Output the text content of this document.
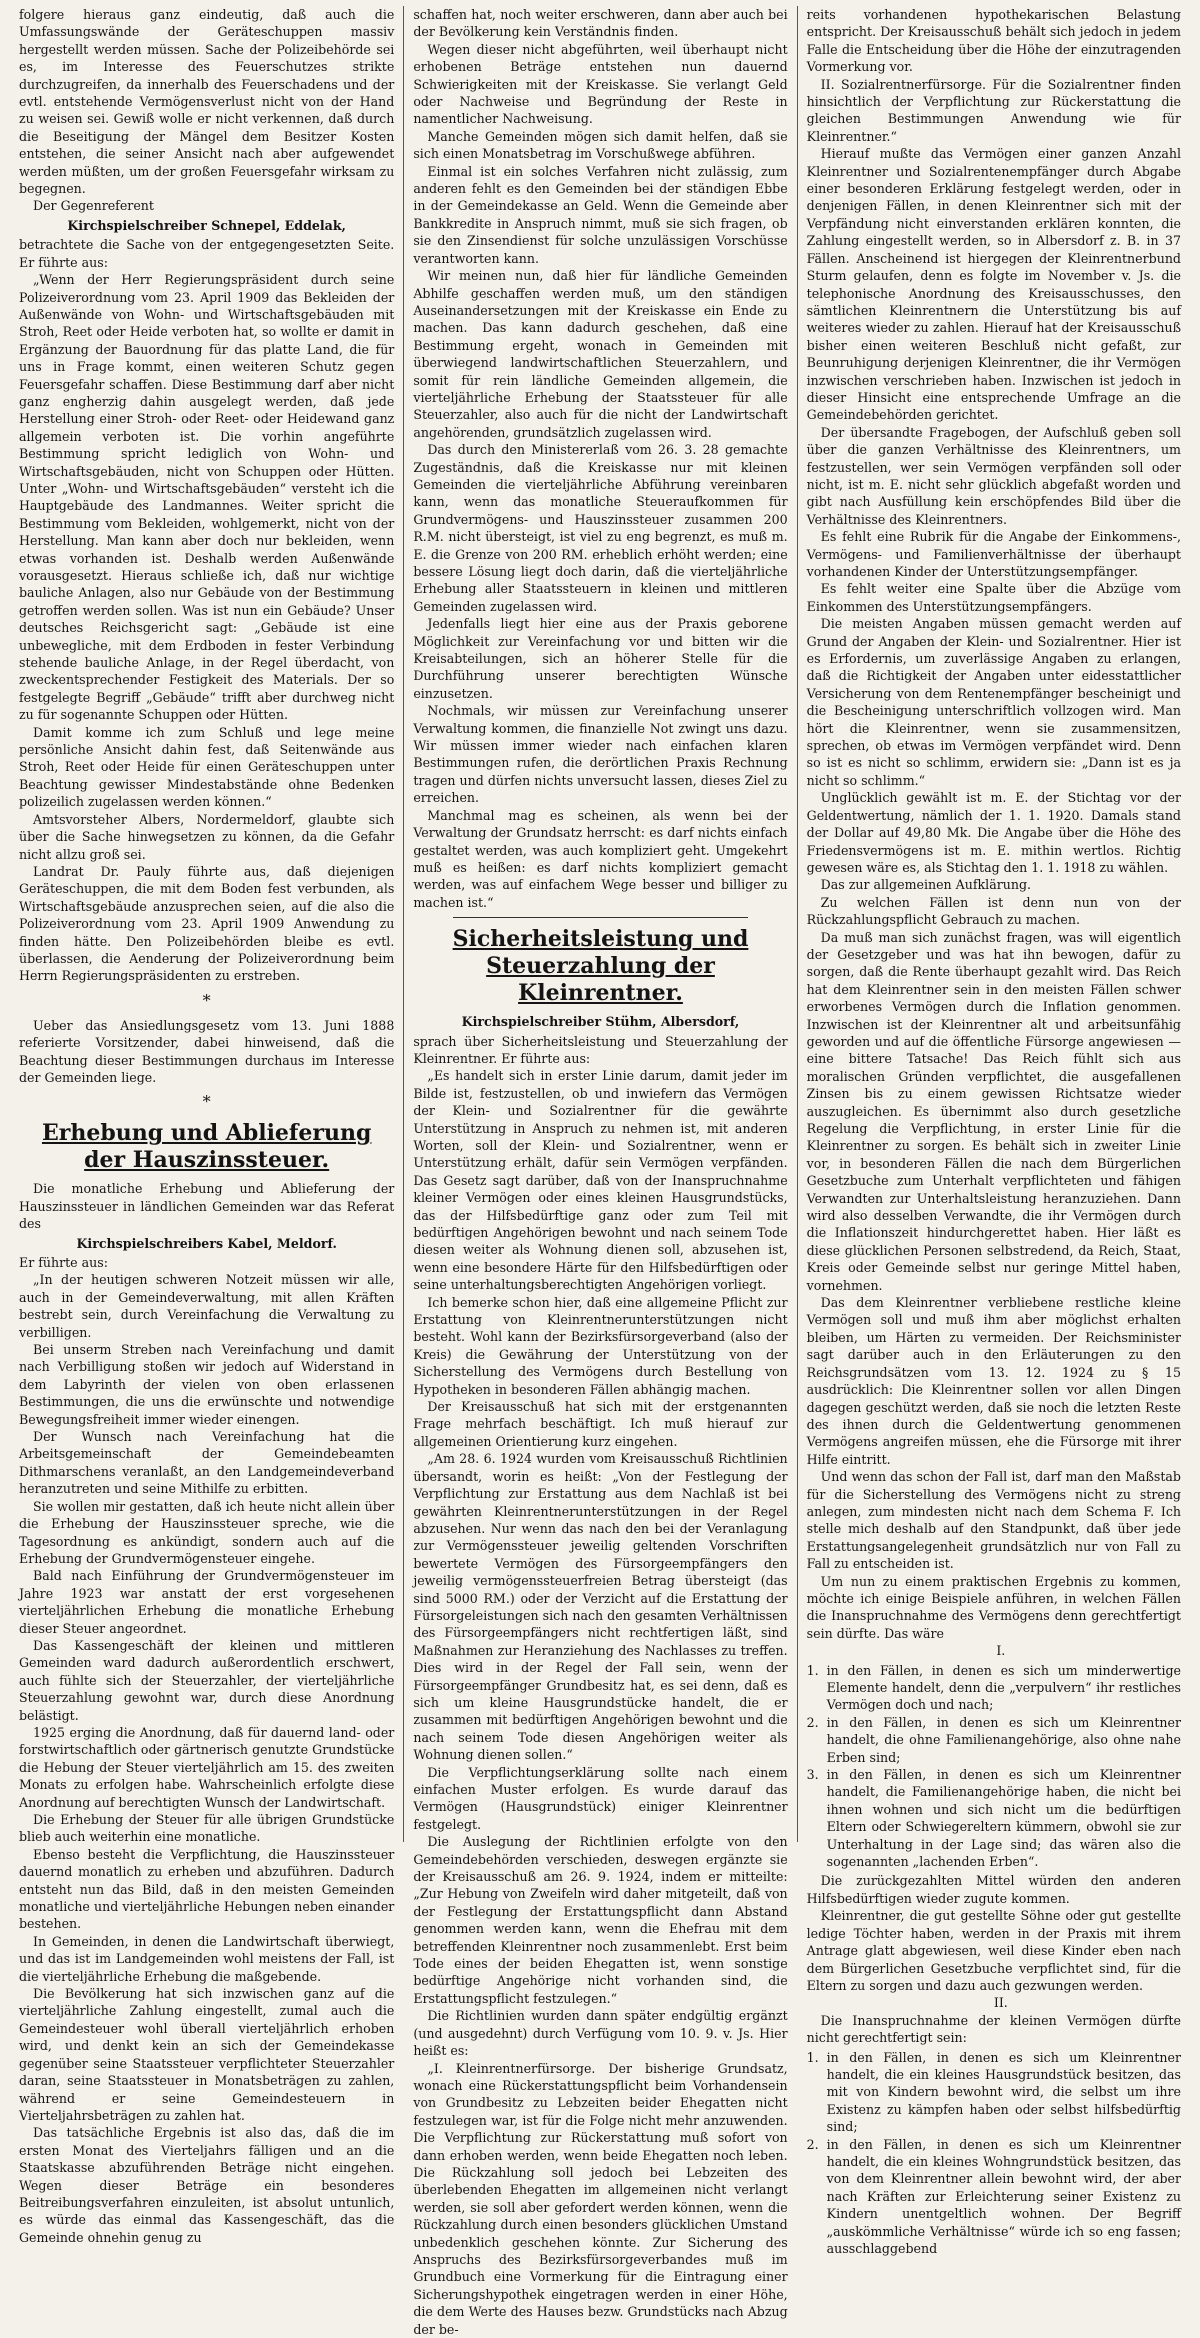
folgere hieraus ganz eindeutig, daß auch die Umfassungswände der Geräteschuppen massiv hergestellt werden müssen. Sache der Polizeibehörde sei es, im Interesse des Feuerschutzes strikte durchzugreifen, da innerhalb des Feuerschadens und der evtl. entstehende Vermögensverlust nicht von der Hand zu weisen sei. Gewiß wolle er nicht verkennen, daß durch die Beseitigung der Mängel dem Besitzer Kosten entstehen, die seiner Ansicht nach aber aufgewendet werden müßten, um der großen Feuersgefahr wirksam zu begegnen.

Der Gegenreferent

Kirchspielschreiber Schnepel, Eddelak,

betrachtete die Sache von der entgegengesetzten Seite. Er führte aus:

„Wenn der Herr Regierungspräsident durch seine Polizeiverordnung vom 23. April 1909 das Bekleiden der Außenwände von Wohn- und Wirtschaftsgebäuden mit Stroh, Reet oder Heide verboten hat, so wollte er damit in Ergänzung der Bauordnung für das platte Land, die für uns in Frage kommt, einen weiteren Schutz gegen Feuersgefahr schaffen. Diese Bestimmung darf aber nicht ganz engherzig dahin ausgelegt werden, daß jede Herstellung einer Stroh- oder Reet- oder Heidewand ganz allgemein verboten ist. Die vorhin angeführte Bestimmung spricht lediglich von Wohn- und Wirtschaftsgebäuden, nicht von Schuppen oder Hütten. Unter „Wohn- und Wirtschaftsgebäuden“ versteht ich die Hauptgebäude des Landmannes. Weiter spricht die Bestimmung vom Bekleiden, wohlgemerkt, nicht von der Herstellung. Man kann aber doch nur bekleiden, wenn etwas vorhanden ist. Deshalb werden Außenwände vorausgesetzt. Hieraus schließe ich, daß nur wichtige bauliche Anlagen, also nur Gebäude von der Bestimmung getroffen werden sollen. Was ist nun ein Gebäude? Unser deutsches Reichsgericht sagt: „Gebäude ist eine unbewegliche, mit dem Erdboden in fester Verbindung stehende bauliche Anlage, in der Regel überdacht, von zweckentsprechender Festigkeit des Materials. Der so festgelegte Begriff „Gebäude“ trifft aber durchweg nicht zu für sogenannte Schuppen oder Hütten.

Damit komme ich zum Schluß und lege meine persönliche Ansicht dahin fest, daß Seitenwände aus Stroh, Reet oder Heide für einen Geräteschuppen unter Beachtung gewisser Mindestabstände ohne Bedenken polizeilich zugelassen werden können.“

Amtsvorsteher Albers, Nordermeldorf, glaubte sich über die Sache hinwegsetzen zu können, da die Gefahr nicht allzu groß sei.

Landrat Dr. Pauly führte aus, daß diejenigen Geräteschuppen, die mit dem Boden fest verbunden, als Wirtschaftsgebäude anzusprechen seien, auf die also die Polizeiverordnung vom 23. April 1909 Anwendung zu finden hätte. Den Polizeibehörden bleibe es evtl. überlassen, die Aenderung der Polizeiverordnung beim Herrn Regierungspräsidenten zu erstreben.

*

Ueber das Ansiedlungsgesetz vom 13. Juni 1888 referierte Vorsitzender, dabei hinweisend, daß die Beachtung dieser Bestimmungen durchaus im Interesse der Gemeinden liege.

*
Erhebung und Ablieferung der Hauszinssteuer.

Die monatliche Erhebung und Ablieferung der Hauszinssteuer in ländlichen Gemeinden war das Referat des

Kirchspielschreibers Kabel, Meldorf.

Er führte aus:

„In der heutigen schweren Notzeit müssen wir alle, auch in der Gemeindeverwaltung, mit allen Kräften bestrebt sein, durch Vereinfachung die Verwaltung zu verbilligen.

Bei unserm Streben nach Vereinfachung und damit nach Verbilligung stoßen wir jedoch auf Widerstand in dem Labyrinth der vielen von oben erlassenen Bestimmungen, die uns die erwünschte und notwendige Bewegungsfreiheit immer wieder einengen.

Der Wunsch nach Vereinfachung hat die Arbeitsgemeinschaft der Gemeindebeamten Dithmarschens veranlaßt, an den Landgemeindeverband heranzutreten und seine Mithilfe zu erbitten.

Sie wollen mir gestatten, daß ich heute nicht allein über die Erhebung der Hauszinssteuer spreche, wie die Tagesordnung es ankündigt, sondern auch auf die Erhebung der Grundvermögensteuer eingehe.

Bald nach Einführung der Grundvermögensteuer im Jahre 1923 war anstatt der erst vorgesehenen vierteljährlichen Erhebung die monatliche Erhebung dieser Steuer angeordnet.

Das Kassengeschäft der kleinen und mittleren Gemeinden ward dadurch außerordentlich erschwert, auch fühlte sich der Steuerzahler, der vierteljährliche Steuerzahlung gewohnt war, durch diese Anordnung belästigt.

1925 erging die Anordnung, daß für dauernd land- oder forstwirtschaftlich oder gärtnerisch genutzte Grundstücke die Hebung der Steuer vierteljährlich am 15. des zweiten Monats zu erfolgen habe. Wahrscheinlich erfolgte diese Anordnung auf berechtigten Wunsch der Landwirtschaft.

Die Erhebung der Steuer für alle übrigen Grundstücke blieb auch weiterhin eine monatliche.

Ebenso besteht die Verpflichtung, die Hauszinssteuer dauernd monatlich zu erheben und abzuführen. Dadurch entsteht nun das Bild, daß in den meisten Gemeinden monatliche und vierteljährliche Hebungen neben einander bestehen.

In Gemeinden, in denen die Landwirtschaft überwiegt, und das ist im Landgemeinden wohl meistens der Fall, ist die vierteljährliche Erhebung die maßgebende.

Die Bevölkerung hat sich inzwischen ganz auf die vierteljährliche Zahlung eingestellt, zumal auch die Gemeindesteuer wohl überall vierteljährlich erhoben wird, und denkt kein an sich der Gemeindekasse gegenüber seine Staatssteuer verpflichteter Steuerzahler daran, seine Staatssteuer in Monatsbeträgen zu zahlen, während er seine Gemeindesteuern in Vierteljahrsbeträgen zu zahlen hat.

Das tatsächliche Ergebnis ist also das, daß die im ersten Monat des Vierteljahrs fälligen und an die Staatskasse abzuführenden Beträge nicht eingehen. Wegen dieser Beträge ein besonderes Beitreibungsverfahren einzuleiten, ist absolut untunlich, es würde das einmal das Kassengeschäft, das die Gemeinde ohnehin genug zu

schaffen hat, noch weiter erschweren, dann aber auch bei der Bevölkerung kein Verständnis finden.

Wegen dieser nicht abgeführten, weil überhaupt nicht erhobenen Beträge entstehen nun dauernd Schwierigkeiten mit der Kreiskasse. Sie verlangt Geld oder Nachweise und Begründung der Reste in namentlicher Nachweisung.

Manche Gemeinden mögen sich damit helfen, daß sie sich einen Monatsbetrag im Vorschußwege abführen.

Einmal ist ein solches Verfahren nicht zulässig, zum anderen fehlt es den Gemeinden bei der ständigen Ebbe in der Gemeindekasse an Geld. Wenn die Gemeinde aber Bankkredite in Anspruch nimmt, muß sie sich fragen, ob sie den Zinsendienst für solche unzulässigen Vorschüsse verantworten kann.

Wir meinen nun, daß hier für ländliche Gemeinden Abhilfe geschaffen werden muß, um den ständigen Auseinandersetzungen mit der Kreiskasse ein Ende zu machen. Das kann dadurch geschehen, daß eine Bestimmung ergeht, wonach in Gemeinden mit überwiegend landwirtschaftlichen Steuerzahlern, und somit für rein ländliche Gemeinden allgemein, die vierteljährliche Erhebung der Staatssteuer für alle Steuerzahler, also auch für die nicht der Landwirtschaft angehörenden, grundsätzlich zugelassen wird.

Das durch den Ministererlaß vom 26. 3. 28 gemachte Zugeständnis, daß die Kreiskasse nur mit kleinen Gemeinden die vierteljährliche Abführung vereinbaren kann, wenn das monatliche Steueraufkommen für Grundvermögens- und Hauszinssteuer zusammen 200 R.M. nicht übersteigt, ist viel zu eng begrenzt, es muß m. E. die Grenze von 200 RM. erheblich erhöht werden; eine bessere Lösung liegt doch darin, daß die vierteljährliche Erhebung aller Staatssteuern in kleinen und mittleren Gemeinden zugelassen wird.

Jedenfalls liegt hier eine aus der Praxis geborene Möglichkeit zur Vereinfachung vor und bitten wir die Kreisabteilungen, sich an höherer Stelle für die Durchführung unserer berechtigten Wünsche einzusetzen.

Nochmals, wir müssen zur Vereinfachung unserer Verwaltung kommen, die finanzielle Not zwingt uns dazu. Wir müssen immer wieder nach einfachen klaren Bestimmungen rufen, die derörtlichen Praxis Rechnung tragen und dürfen nichts unversucht lassen, dieses Ziel zu erreichen.

Manchmal mag es scheinen, als wenn bei der Verwaltung der Grundsatz herrscht: es darf nichts einfach gestaltet werden, was auch kompliziert geht. Umgekehrt muß es heißen: es darf nichts kompliziert gemacht werden, was auf einfachem Wege besser und billiger zu machen ist.“

Sicherheitsleistung und Steuerzahlung der Kleinrentner.
Kirchspielschreiber Stühm, Albersdorf,

sprach über Sicherheitsleistung und Steuerzahlung der Kleinrentner. Er führte aus:

„Es handelt sich in erster Linie darum, damit jeder im Bilde ist, festzustellen, ob und inwiefern das Vermögen der Klein- und Sozialrentner für die gewährte Unterstützung in Anspruch zu nehmen ist, mit anderen Worten, soll der Klein- und Sozialrentner, wenn er Unterstützung erhält, dafür sein Vermögen verpfänden. Das Gesetz sagt darüber, daß von der Inanspruchnahme kleiner Vermögen oder eines kleinen Hausgrundstücks, das der Hilfsbedürftige ganz oder zum Teil mit bedürftigen Angehörigen bewohnt und nach seinem Tode diesen weiter als Wohnung dienen soll, abzusehen ist, wenn eine besondere Härte für den Hilfsbedürftigen oder seine unterhaltungsberechtigten Angehörigen vorliegt.

Ich bemerke schon hier, daß eine allgemeine Pflicht zur Erstattung von Kleinrentnerunterstützungen nicht besteht. Wohl kann der Bezirksfürsorgeverband (also der Kreis) die Gewährung der Unterstützung von der Sicherstellung des Vermögens durch Bestellung von Hypotheken in besonderen Fällen abhängig machen.

Der Kreisausschuß hat sich mit der erstgenannten Frage mehrfach beschäftigt. Ich muß hierauf zur allgemeinen Orientierung kurz eingehen.

„Am 28. 6. 1924 wurden vom Kreisausschuß Richtlinien übersandt, worin es heißt: „Von der Festlegung der Verpflichtung zur Erstattung aus dem Nachlaß ist bei gewährten Kleinrentnerunterstützungen in der Regel abzusehen. Nur wenn das nach den bei der Veranlagung zur Vermögenssteuer jeweilig geltenden Vorschriften bewertete Vermögen des Fürsorgeempfängers den jeweilig vermögenssteuerfreien Betrag übersteigt (das sind 5000 RM.) oder der Verzicht auf die Erstattung der Fürsorgeleistungen sich nach den gesamten Verhältnissen des Fürsorgeempfängers nicht rechtfertigen läßt, sind Maßnahmen zur Heranziehung des Nachlasses zu treffen. Dies wird in der Regel der Fall sein, wenn der Fürsorgeempfänger Grundbesitz hat, es sei denn, daß es sich um kleine Hausgrundstücke handelt, die er zusammen mit bedürftigen Angehörigen bewohnt und die nach seinem Tode diesen Angehörigen weiter als Wohnung dienen sollen.“

Die Verpflichtungserklärung sollte nach einem einfachen Muster erfolgen. Es wurde darauf das Vermögen (Hausgrundstück) einiger Kleinrentner festgelegt.

Die Auslegung der Richtlinien erfolgte von den Gemeindebehörden verschieden, deswegen ergänzte sie der Kreisausschuß am 26. 9. 1924, indem er mitteilte: „Zur Hebung von Zweifeln wird daher mitgeteilt, daß von der Festlegung der Erstattungspflicht dann Abstand genommen werden kann, wenn die Ehefrau mit dem betreffenden Kleinrentner noch zusammenlebt. Erst beim Tode eines der beiden Ehegatten ist, wenn sonstige bedürftige Angehörige nicht vorhanden sind, die Erstattungspflicht festzulegen.“

Die Richtlinien wurden dann später endgültig ergänzt (und ausgedehnt) durch Verfügung vom 10. 9. v. Js. Hier heißt es:

„I. Kleinrentnerfürsorge. Der bisherige Grundsatz, wonach eine Rückerstattungspflicht beim Vorhandensein von Grundbesitz zu Lebzeiten beider Ehegatten nicht festzulegen war, ist für die Folge nicht mehr anzuwenden. Die Verpflichtung zur Rückerstattung muß sofort von dann erhoben werden, wenn beide Ehegatten noch leben. Die Rückzahlung soll jedoch bei Lebzeiten des überlebenden Ehegatten im allgemeinen nicht verlangt werden, sie soll aber gefordert werden können, wenn die Rückzahlung durch einen besonders glücklichen Umstand unbedenklich geschehen könnte. Zur Sicherung des Anspruchs des Bezirksfürsorgeverbandes muß im Grundbuch eine Vormerkung für die Eintragung einer Sicherungshypothek eingetragen werden in einer Höhe, die dem Werte des Hauses bezw. Grundstücks nach Abzug der be-

reits vorhandenen hypothekarischen Belastung entspricht. Der Kreisausschuß behält sich jedoch in jedem Falle die Entscheidung über die Höhe der einzutragenden Vormerkung vor.

II. Sozialrentnerfürsorge. Für die Sozialrentner finden hinsichtlich der Verpflichtung zur Rückerstattung die gleichen Bestimmungen Anwendung wie für Kleinrentner.“

Hierauf mußte das Vermögen einer ganzen Anzahl Kleinrentner und Sozialrentenempfänger durch Abgabe einer besonderen Erklärung festgelegt werden, oder in denjenigen Fällen, in denen Kleinrentner sich mit der Verpfändung nicht einverstanden erklären konnten, die Zahlung eingestellt werden, so in Albersdorf z. B. in 37 Fällen. Anscheinend ist hiergegen der Kleinrentnerbund Sturm gelaufen, denn es folgte im November v. Js. die telephonische Anordnung des Kreisausschusses, den sämtlichen Kleinrentnern die Unterstützung bis auf weiteres wieder zu zahlen. Hierauf hat der Kreisausschuß bisher einen weiteren Beschluß nicht gefaßt, zur Beunruhigung derjenigen Kleinrentner, die ihr Vermögen inzwischen verschrieben haben. Inzwischen ist jedoch in dieser Hinsicht eine entsprechende Umfrage an die Gemeindebehörden gerichtet.

Der übersandte Fragebogen, der Aufschluß geben soll über die ganzen Verhältnisse des Kleinrentners, um festzustellen, wer sein Vermögen verpfänden soll oder nicht, ist m. E. nicht sehr glücklich abgefaßt worden und gibt nach Ausfüllung kein erschöpfendes Bild über die Verhältnisse des Kleinrentners.

Es fehlt eine Rubrik für die Angabe der Einkommens-, Vermögens- und Familienverhältnisse der überhaupt vorhandenen Kinder der Unterstützungsempfänger.

Es fehlt weiter eine Spalte über die Abzüge vom Einkommen des Unterstützungsempfängers.

Die meisten Angaben müssen gemacht werden auf Grund der Angaben der Klein- und Sozialrentner. Hier ist es Erfordernis, um zuverlässige Angaben zu erlangen, daß die Richtigkeit der Angaben unter eidesstattlicher Versicherung von dem Rentenempfänger bescheinigt und die Bescheinigung unterschriftlich vollzogen wird. Man hört die Kleinrentner, wenn sie zusammensitzen, sprechen, ob etwas im Vermögen verpfändet wird. Denn so ist es nicht so schlimm, erwidern sie: „Dann ist es ja nicht so schlimm.“

Unglücklich gewählt ist m. E. der Stichtag vor der Geldentwertung, nämlich der 1. 1. 1920. Damals stand der Dollar auf 49,80 Mk. Die Angabe über die Höhe des Friedensvermögens ist m. E. mithin wertlos. Richtig gewesen wäre es, als Stichtag den 1. 1. 1918 zu wählen.

Das zur allgemeinen Aufklärung.

Zu welchen Fällen ist denn nun von der Rückzahlungspflicht Gebrauch zu machen.

Da muß man sich zunächst fragen, was will eigentlich der Gesetzgeber und was hat ihn bewogen, dafür zu sorgen, daß die Rente überhaupt gezahlt wird. Das Reich hat dem Kleinrentner sein in den meisten Fällen schwer erworbenes Vermögen durch die Inflation genommen. Inzwischen ist der Kleinrentner alt und arbeitsunfähig geworden und auf die öffentliche Fürsorge angewiesen — eine bittere Tatsache! Das Reich fühlt sich aus moralischen Gründen verpflichtet, die ausgefallenen Zinsen bis zu einem gewissen Richtsatze wieder auszugleichen. Es übernimmt also durch gesetzliche Regelung die Verpflichtung, in erster Linie für die Kleinrentner zu sorgen. Es behält sich in zweiter Linie vor, in besonderen Fällen die nach dem Bürgerlichen Gesetzbuche zum Unterhalt verpflichteten und fähigen Verwandten zur Unterhaltsleistung heranzuziehen. Dann wird also desselben Verwandte, die ihr Vermögen durch die Inflationszeit hindurchgerettet haben. Hier läßt es diese glücklichen Personen selbstredend, da Reich, Staat, Kreis oder Gemeinde selbst nur geringe Mittel haben, vornehmen.

Das dem Kleinrentner verbliebene restliche kleine Vermögen soll und muß ihm aber möglichst erhalten bleiben, um Härten zu vermeiden. Der Reichsminister sagt darüber auch in den Erläuterungen zu den Reichsgrundsätzen vom 13. 12. 1924 zu § 15 ausdrücklich: Die Kleinrentner sollen vor allen Dingen dagegen geschützt werden, daß sie noch die letzten Reste des ihnen durch die Geldentwertung genommenen Vermögens angreifen müssen, ehe die Fürsorge mit ihrer Hilfe eintritt.

Und wenn das schon der Fall ist, darf man den Maßstab für die Sicherstellung des Vermögens nicht zu streng anlegen, zum mindesten nicht nach dem Schema F. Ich stelle mich deshalb auf den Standpunkt, daß über jede Erstattungsangelegenheit grundsätzlich nur von Fall zu Fall zu entscheiden ist.

Um nun zu einem praktischen Ergebnis zu kommen, möchte ich einige Beispiele anführen, in welchen Fällen die Inanspruchnahme des Vermögens denn gerechtfertigt sein dürfte. Das wäre

I.

1. in den Fällen, in denen es sich um minderwertige Elemente handelt, denn die „verpulvern“ ihr restliches Vermögen doch und nach;
2. in den Fällen, in denen es sich um Kleinrentner handelt, die ohne Familienangehörige, also ohne nahe Erben sind;
3. in den Fällen, in denen es sich um Kleinrentner handelt, die Familienangehörige haben, die nicht bei ihnen wohnen und sich nicht um die bedürftigen Eltern oder Schwiegereltern kümmern, obwohl sie zur Unterhaltung in der Lage sind; das wären also die sogenannten „lachenden Erben“.

Die zurückgezahlten Mittel würden den anderen Hilfsbedürftigen wieder zugute kommen.

Kleinrentner, die gut gestellte Söhne oder gut gestellte ledige Töchter haben, werden in der Praxis mit ihrem Antrage glatt abgewiesen, weil diese Kinder eben nach dem Bürgerlichen Gesetzbuche verpflichtet sind, für die Eltern zu sorgen und dazu auch gezwungen werden.

II.

Die Inanspruchnahme der kleinen Vermögen dürfte nicht gerechtfertigt sein:

1. in den Fällen, in denen es sich um Kleinrentner handelt, die ein kleines Hausgrundstück besitzen, das mit von Kindern bewohnt wird, die selbst um ihre Existenz zu kämpfen haben oder selbst hilfsbedürftig sind;
2. in den Fällen, in denen es sich um Kleinrentner handelt, die ein kleines Wohngrundstück besitzen, das von dem Kleinrentner allein bewohnt wird, der aber nach Kräften zur Erleichterung seiner Existenz zu Kindern unentgeltlich wohnen. Der Begriff „auskömmliche Verhältnisse“ würde ich so eng fassen; ausschlaggebend
